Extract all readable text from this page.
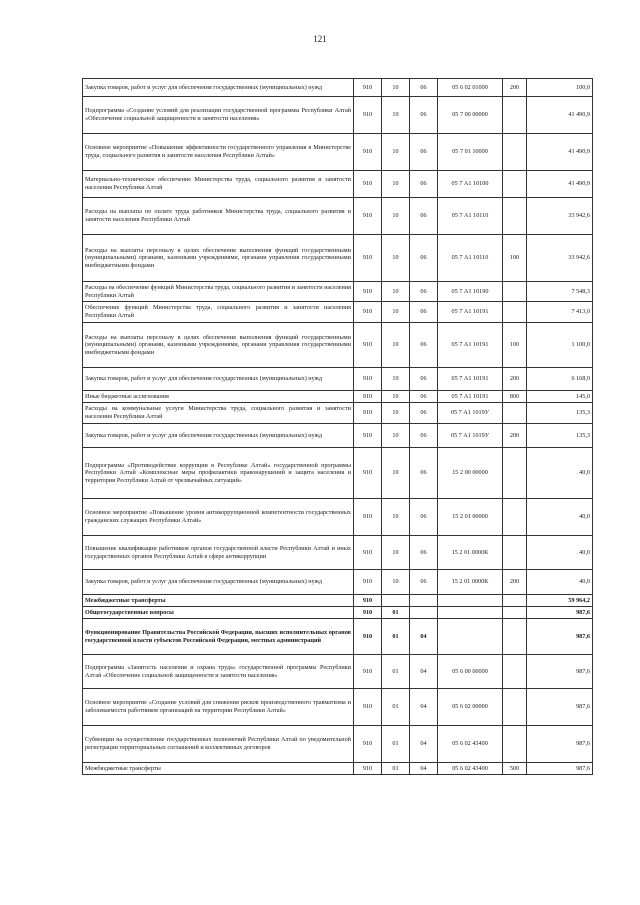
121
Закупка товаров, работ и услуг для обеспечения государственных (муниципальных) нужд	910	10	06	05 6 02 01000	200	100,0
Подпрограмма «Создание условий для реализации государственной программы Республики Алтай «Обеспечение социальной защищенности и занятости населения»	910	10	06	05 7 00 00000		41 490,9
Основное мероприятие «Повышение эффективности государственного управления в Министерстве труда, социального развития и занятости населения Республики Алтай»	910	10	06	05 7 01 10000		41 490,9
Материально-техническое обеспечение Министерства труда, социального развития и занятости населения Республики Алтай	910	10	06	05 7 А1 10100		41 490,9
Расходы на выплаты по оплате труда работников Министерства труда, социального развития и занятости населения Республики Алтай	910	10	06	05 7 А1 10110		33 942,6
Расходы на выплаты персоналу в целях обеспечения выполнения функций государственными (муниципальными) органами, казенными учреждениями, органами управления государственными внебюджетными фондами	910	10	06	05 7 А1 10110	100	33 942,6
Расходы на обеспечение функций Министерства труда, социального развития и занятости населения Республики Алтай	910	10	06	05 7 А1 10190		7 548,3
Обеспечение функций Министерства труда, социального развития и занятости населения Республики Алтай	910	10	06	05 7 А1 10191		7 413,0
Расходы на выплаты персоналу в целях обеспечения выполнения функций государственными (муниципальными) органами, казенными учреждениями, органами управления государственными внебюджетными фондами	910	10	06	05 7 А1 10191	100	1 100,0
Закупка товаров, работ и услуг для обеспечения государственных (муниципальных) нужд	910	10	06	05 7 А1 10191	200	6 168,0
Иные бюджетные ассигнования	910	10	06	05 7 А1 10191	800	145,0
Расходы на коммунальные услуги Министерства труда, социального развития и занятости населения Республики Алтай	910	10	06	05 7 А1 1019У		135,3
Закупка товаров, работ и услуг для обеспечения государственных (муниципальных) нужд	910	10	06	05 7 А1 1019У	200	135,3
Подпрограмма «Противодействие коррупции в Республике Алтай» государственной программы Республики Алтай «Комплексные меры профилактики правонарушений и защита населения и территории Республики Алтай от чрезвычайных ситуаций»	910	10	06	15 2 00 00000		40,0
Основное мероприятие «Повышение уровня антикоррупционной компетентности государственных гражданских служащих Республики Алтай»	910	10	06	15 2 01 00000		40,0
Повышение квалификации работников органов государственной власти Республики Алтай и иных государственных органов Республики Алтай в сфере антикоррупции	910	10	06	15 2 01 0000К		40,0
Закупка товаров, работ и услуг для обеспечения государственных (муниципальных) нужд	910	10	06	15 2 01 0000К	200	40,0
Межбюджетные трансферты	910					59 964,2
Общегосударственные вопросы	910	01				987,6
Функционирование Правительства Российской Федерации, высших исполнительных органов государственной власти субъектов Российской Федерации, местных администраций	910	01	04			987,6
Подпрограмма «Занятость населения и охрана труда» государственной программы Республики Алтай «Обеспечение социальной защищенности и занятости населения»	910	01	04	05 6 00 00000		987,6
Основное мероприятие «Создание условий для снижения рисков производственного травматизма и заболеваемости работников организаций на территории Республики Алтай»	910	01	04	05 6 02 00000		987,6
Субвенции на осуществление государственных полномочий Республики Алтай по уведомительной регистрации территориальных соглашений и коллективных договоров	910	01	04	05 6 02 43400		987,6
Межбюджетные трансферты	910	01	04	05 6 02 43400	500	987,6
